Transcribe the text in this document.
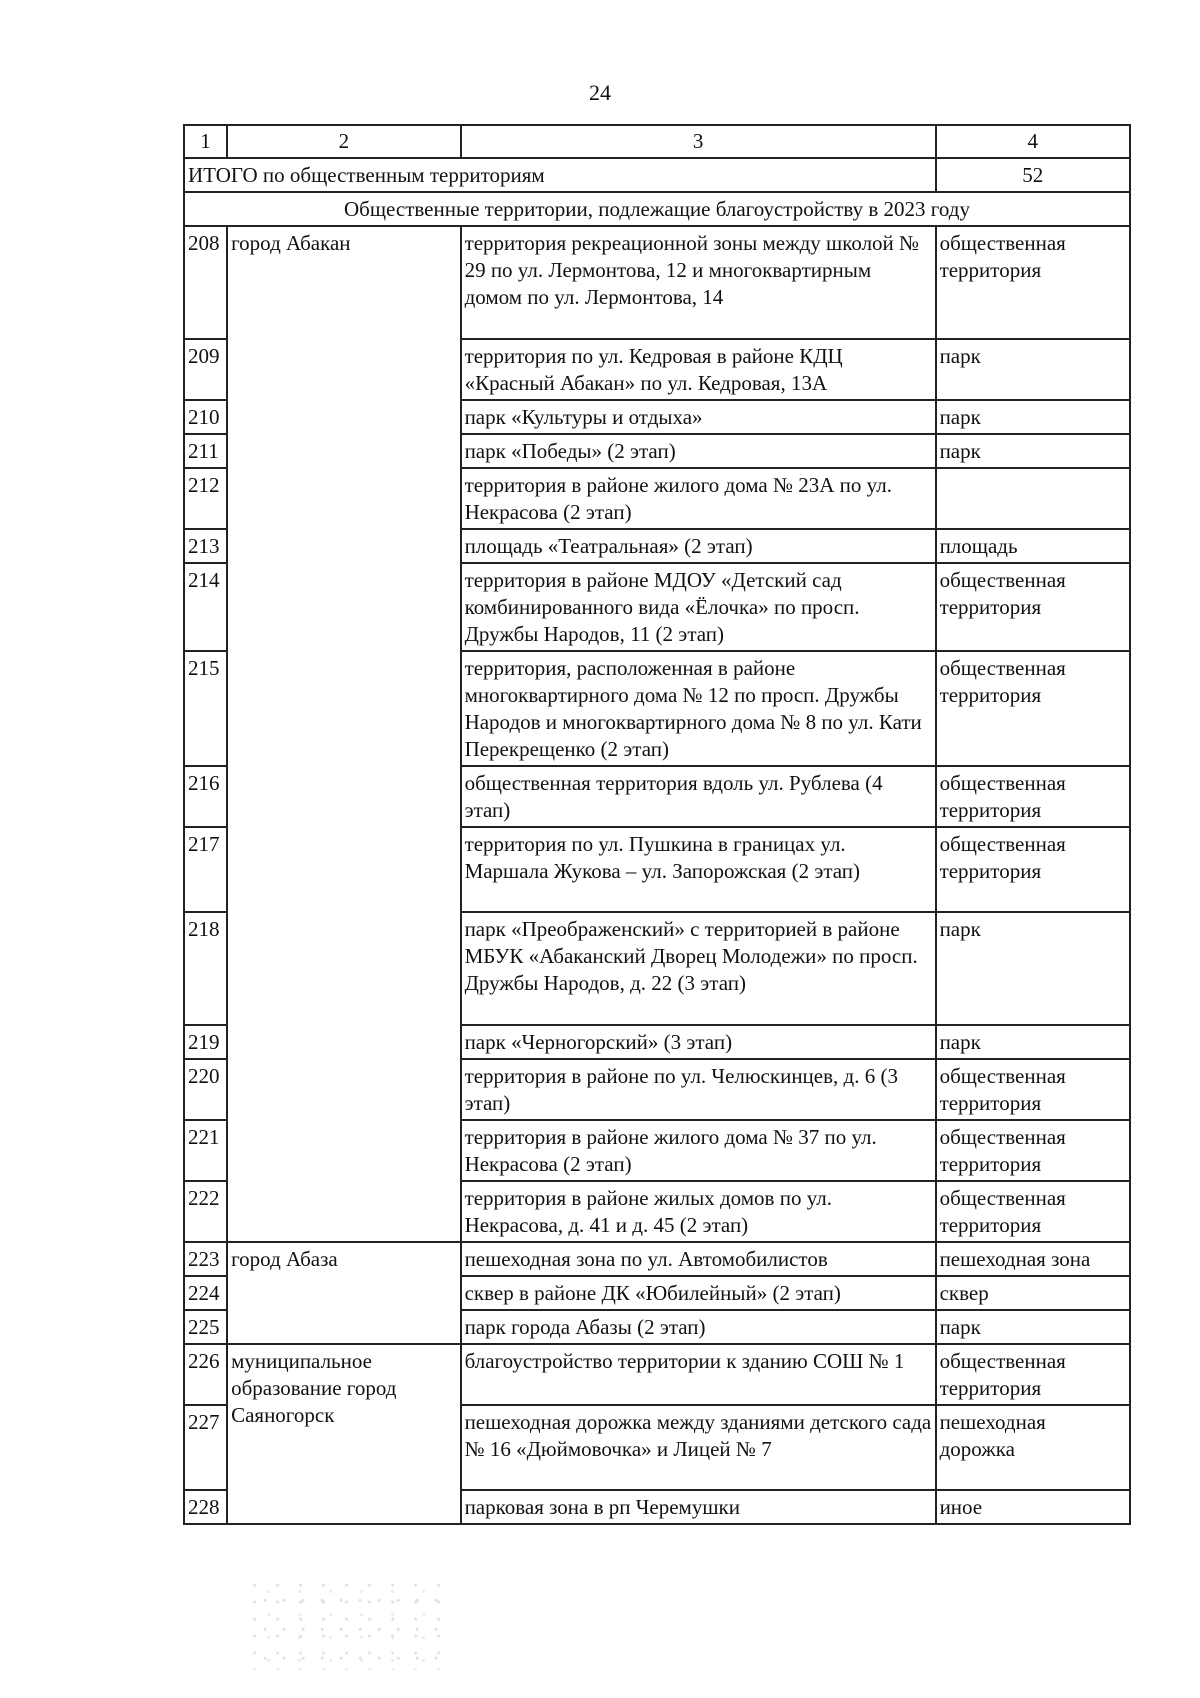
24
1	2	3	4
ИТОГО по общественным территориям			52
Общественные территории, подлежащие благоустройству в 2023 году			
208	город Абакан	территория рекреационной зоны между школой № 29 по ул. Лермонтова, 12 и многоквартирным домом по ул. Лермонтова, 14	общественная территория
209		территория по ул. Кедровая в районе КДЦ «Красный Абакан» по ул. Кедровая, 13А	парк
210		парк «Культуры и отдыха»	парк
211		парк «Победы» (2 этап)	парк
212		территория в районе жилого дома № 23А по ул. Некрасова (2 этап)	
213		площадь «Театральная» (2 этап)	площадь
214		территория в районе МДОУ «Детский сад комбинированного вида «Ёлочка» по просп. Дружбы Народов, 11 (2 этап)	общественная территория
215		территория, расположенная в районе многоквартирного дома № 12 по просп. Дружбы Народов и многоквартирного дома № 8 по ул. Кати Перекрещенко (2 этап)	общественная территория
216		общественная территория вдоль ул. Рублева (4 этап)	общественная территория
217		территория по ул. Пушкина в границах ул. Маршала Жукова – ул. Запорожская (2 этап)	общественная территория
218		парк «Преображенский» с территорией в районе МБУК «Абаканский Дворец Молодежи» по просп. Дружбы Народов, д. 22 (3 этап)	парк
219		парк «Черногорский» (3 этап)	парк
220		территория в районе по ул. Челюскинцев, д. 6 (3 этап)	общественная территория
221		территория в районе жилого дома № 37 по ул. Некрасова (2 этап)	общественная территория
222		территория в районе жилых домов по ул. Некрасова, д. 41 и д. 45 (2 этап)	общественная территория
223	город Абаза	пешеходная зона по ул. Автомобилистов	пешеходная зона
224		сквер в районе ДК «Юбилейный» (2 этап)	сквер
225		парк города Абазы (2 этап)	парк
226	муниципальное образование город Саяногорск	благоустройство территории к зданию СОШ № 1	общественная территория
227		пешеходная дорожка между зданиями детского сада № 16 «Дюймовочка» и Лицей № 7	пешеходная дорожка
228		парковая зона в рп Черемушки	иное
